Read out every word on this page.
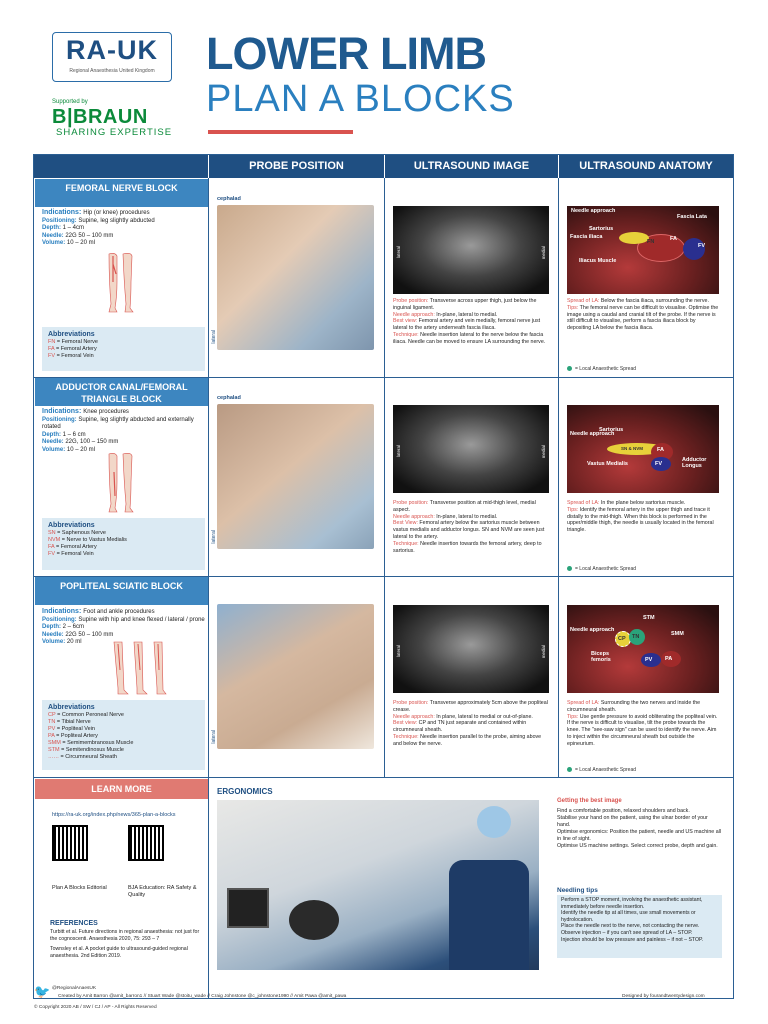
RA-UK
Regional Anaesthesia United Kingdom
Supported by
B|BRAUN
SHARING EXPERTISE
LOWER LIMB
PLAN A BLOCKS
PROBE POSITION	ULTRASOUND IMAGE	ULTRASOUND ANATOMY
FEMORAL NERVE BLOCK
Indications: Hip (or knee) procedures
Positioning: Supine, leg slightly abducted
Depth: 1 – 4cm
Needle: 22G 50 – 100 mm
Volume: 10 – 20 ml
Abbreviations
FN = Femoral Nerve
FA = Femoral Artery
FV = Femoral Vein
cephalad
lateral
lateral	medial
Probe position: Transverse across upper thigh, just below the inguinal ligament.
Needle approach: In-plane, lateral to medial.
Best view: Femoral artery and vein medially, femoral nerve just lateral to the artery underneath fascia iliaca.
Technique: Needle insertion lateral to the nerve below the fascia iliaca. Needle can be moved to ensure LA surrounding the nerve.
Needle approach
Fascia Lata
Sartorius
Fascia iliaca
FN	FA
FV
Iliacus Muscle
Spread of LA: Below the fascia iliaca, surrounding the nerve.
Tips: The femoral nerve can be difficult to visualise. Optimise the image using a caudal and cranial tilt of the probe. If the nerve is still difficult to visualise, perform a fascia iliaca block by depositing LA below the fascia iliaca.
= Local Anaesthetic Spread
ADDUCTOR CANAL/FEMORAL TRIANGLE BLOCK
Indications: Knee procedures
Positioning: Supine, leg slightly abducted and externally rotated
Depth: 1 – 6 cm
Needle: 22G, 100 – 150 mm
Volume: 10 – 20 ml
Abbreviations
SN = Saphenous Nerve
NVM = Nerve to Vastus Medialis
FA = Femoral Artery
FV = Femoral Vein
cephalad
lateral
lateral	medial
Probe position: Transverse position at mid-thigh level, medial aspect.
Needle approach: In-plane, lateral to medial.
Best View: Femoral artery below the sartorius muscle between vastus medialis and adductor longus. SN and NVM are seen just lateral to the artery.
Technique: Needle insertion towards the femoral artery, deep to sartorius.
Needle approach
Sartorius
SN & NVM	FA
FV
Vastus Medialis
Adductor Longus
Spread of LA: In the plane below sartorius muscle.
Tips: Identify the femoral artery in the upper thigh and trace it distally to the mid-thigh. When this block is performed in the upper/middle thigh, the needle is usually located in the femoral triangle.
= Local Anaesthetic Spread
POPLITEAL SCIATIC BLOCK
Indications: Foot and ankle procedures
Positioning: Supine with hip and knee flexed / lateral / prone
Depth: 2 – 6cm
Needle: 22G 50 – 100 mm
Volume: 20 ml
Abbreviations
CP = Common Peroneal Nerve
TN = Tibial Nerve
PV = Popliteal Vein
PA = Popliteal Artery
SMM = Semimembranosus Muscle
STM = Semitendinosus Muscle
…… = Circumneural Sheath
lateral
lateral	medial
Probe position: Transverse approximately 5cm above the popliteal crease.
Needle approach: In plane, lateral to medial or out-of-plane.
Best view: CP and TN just separate and contained within circumneural sheath.
Technique: Needle insertion parallel to the probe, aiming above and below the nerve.
Needle approach
STM
SMM
CP TN
Biceps femoris	PV PA
Spread of LA: Surrounding the two nerves and inside the circumneural sheath.
Tips: Use gentle pressure to avoid obliterating the popliteal vein. If the nerve is difficult to visualise, tilt the probe towards the knee. The "see-saw sign" can be used to identify the nerve. Aim to inject within the circumneural sheath but outside the epineurium.
= Local Anaesthetic Spread
LEARN MORE
https://ra-uk.org/index.php/news/365-plan-a-blocks
Plan A Blocks Editorial	BJA Education: RA Safety & Quality
REFERENCES
Turbitt et al. Future directions in regional anaesthesia: not just for the cognoscenti. Anaesthesia 2020, 75: 293 – 7
Townsley et al. A pocket guide to ultrasound-guided regional anaesthesia. 2nd Edition 2019.
ERGONOMICS
Getting the best image
Find a comfortable position, relaxed shoulders and back.
Stabilise your hand on the patient, using the ulnar border of your hand.
Optimise ergonomics: Position the patient, needle and US machine all in line of sight.
Optimise US machine settings. Select correct probe, depth and gain.
Needling tips
Perform a STOP moment, involving the anaesthetic assistant, immediately before needle insertion.
Identify the needle tip at all times, use small movements or hydrolocation.
Place the needle next to the nerve, not contacting the nerve.
Observe injection – if you can't see spread of LA – STOP.
Injection should be low pressure and painless – if not – STOP.
🐦 @RegionalAnaesUK
Created by Amit Barron @amit_barron1 // Stuart Wade @stoitu_wade // Craig Johnstone @c_johnstone1990 // Amit Pawa @amit_pawa
© Copyright 2020 AB / SW / CJ / AP - All Rights Reserved
Designed by fourandtwentydesign.com
